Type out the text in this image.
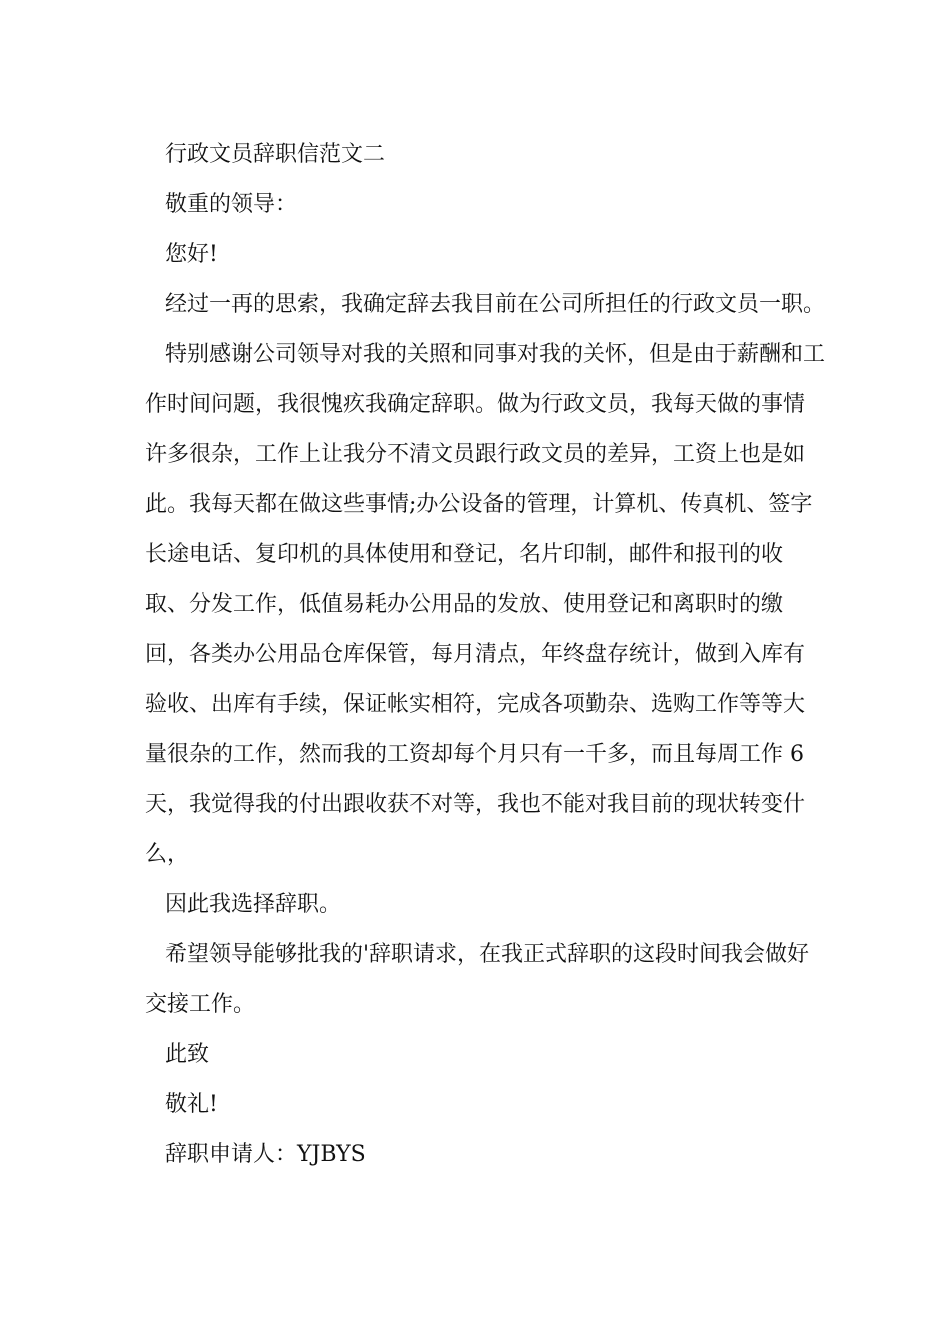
行政文员辞职信范文二

敬重的领导：

您好!

经过一再的思索，我确定辞去我目前在公司所担任的行政文员一职。

特别感谢公司领导对我的关照和同事对我的关怀，但是由于薪酬和工作时间问题，我很愧疚我确定辞职。做为行政文员，我每天做的事情许多很杂，工作上让我分不清文员跟行政文员的差异，工资上也是如此。我每天都在做这些事情;办公设备的管理，计算机、传真机、签字长途电话、复印机的具体使用和登记，名片印制，邮件和报刊的收取、分发工作，低值易耗办公用品的发放、使用登记和离职时的缴回，各类办公用品仓库保管，每月清点，年终盘存统计，做到入库有验收、出库有手续，保证帐实相符，完成各项勤杂、选购工作等等大量很杂的工作，然而我的工资却每个月只有一千多，而且每周工作 6 天，我觉得我的付出跟收获不对等，我也不能对我目前的现状转变什么，

因此我选择辞职。

希望领导能够批我的'辞职请求，在我正式辞职的这段时间我会做好交接工作。

此致

敬礼!

辞职申请人：YJBYS
